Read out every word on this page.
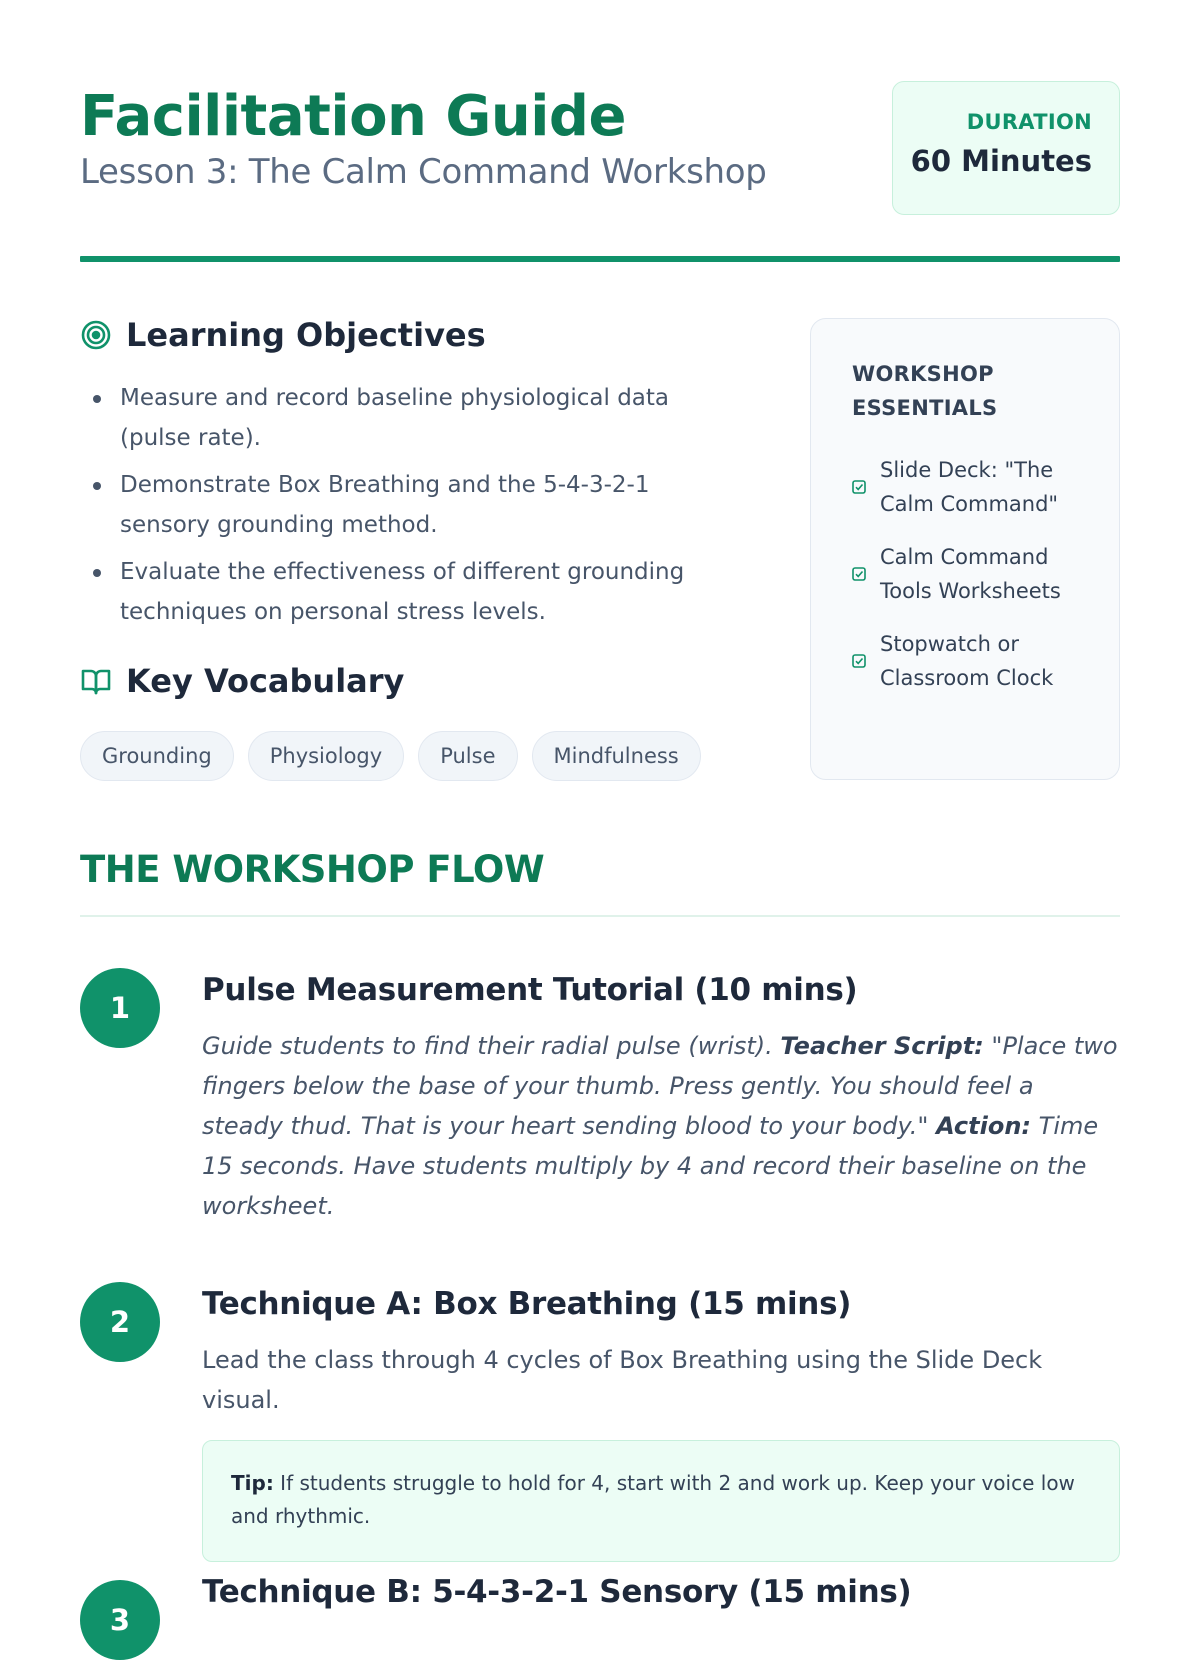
Facilitation Guide
Lesson 3: The Calm Command Workshop
DURATION
60 Minutes
Learning Objectives
Measure and record baseline physiological data (pulse rate).
Demonstrate Box Breathing and the 5-4-3-2-1 sensory grounding method.
Evaluate the effectiveness of different grounding techniques on personal stress levels.
Key Vocabulary
Grounding	Physiology	Pulse	Mindfulness
WORKSHOP ESSENTIALS
Slide Deck: "The Calm Command"
Calm Command Tools Worksheets
Stopwatch or Classroom Clock
THE WORKSHOP FLOW
1	Pulse Measurement Tutorial (10 mins)

Guide students to find their radial pulse (wrist). Teacher Script: "Place two fingers below the base of your thumb. Press gently. You should feel a steady thud. That is your heart sending blood to your body." Action: Time 15 seconds. Have students multiply by 4 and record their baseline on the worksheet.

2	Technique A: Box Breathing (15 mins)

Lead the class through 4 cycles of Box Breathing using the Slide Deck visual.

Tip: If students struggle to hold for 4, start with 2 and work up. Keep your voice low and rhythmic.
3
Technique B: 5-4-3-2-1 Sensory (15 mins)
